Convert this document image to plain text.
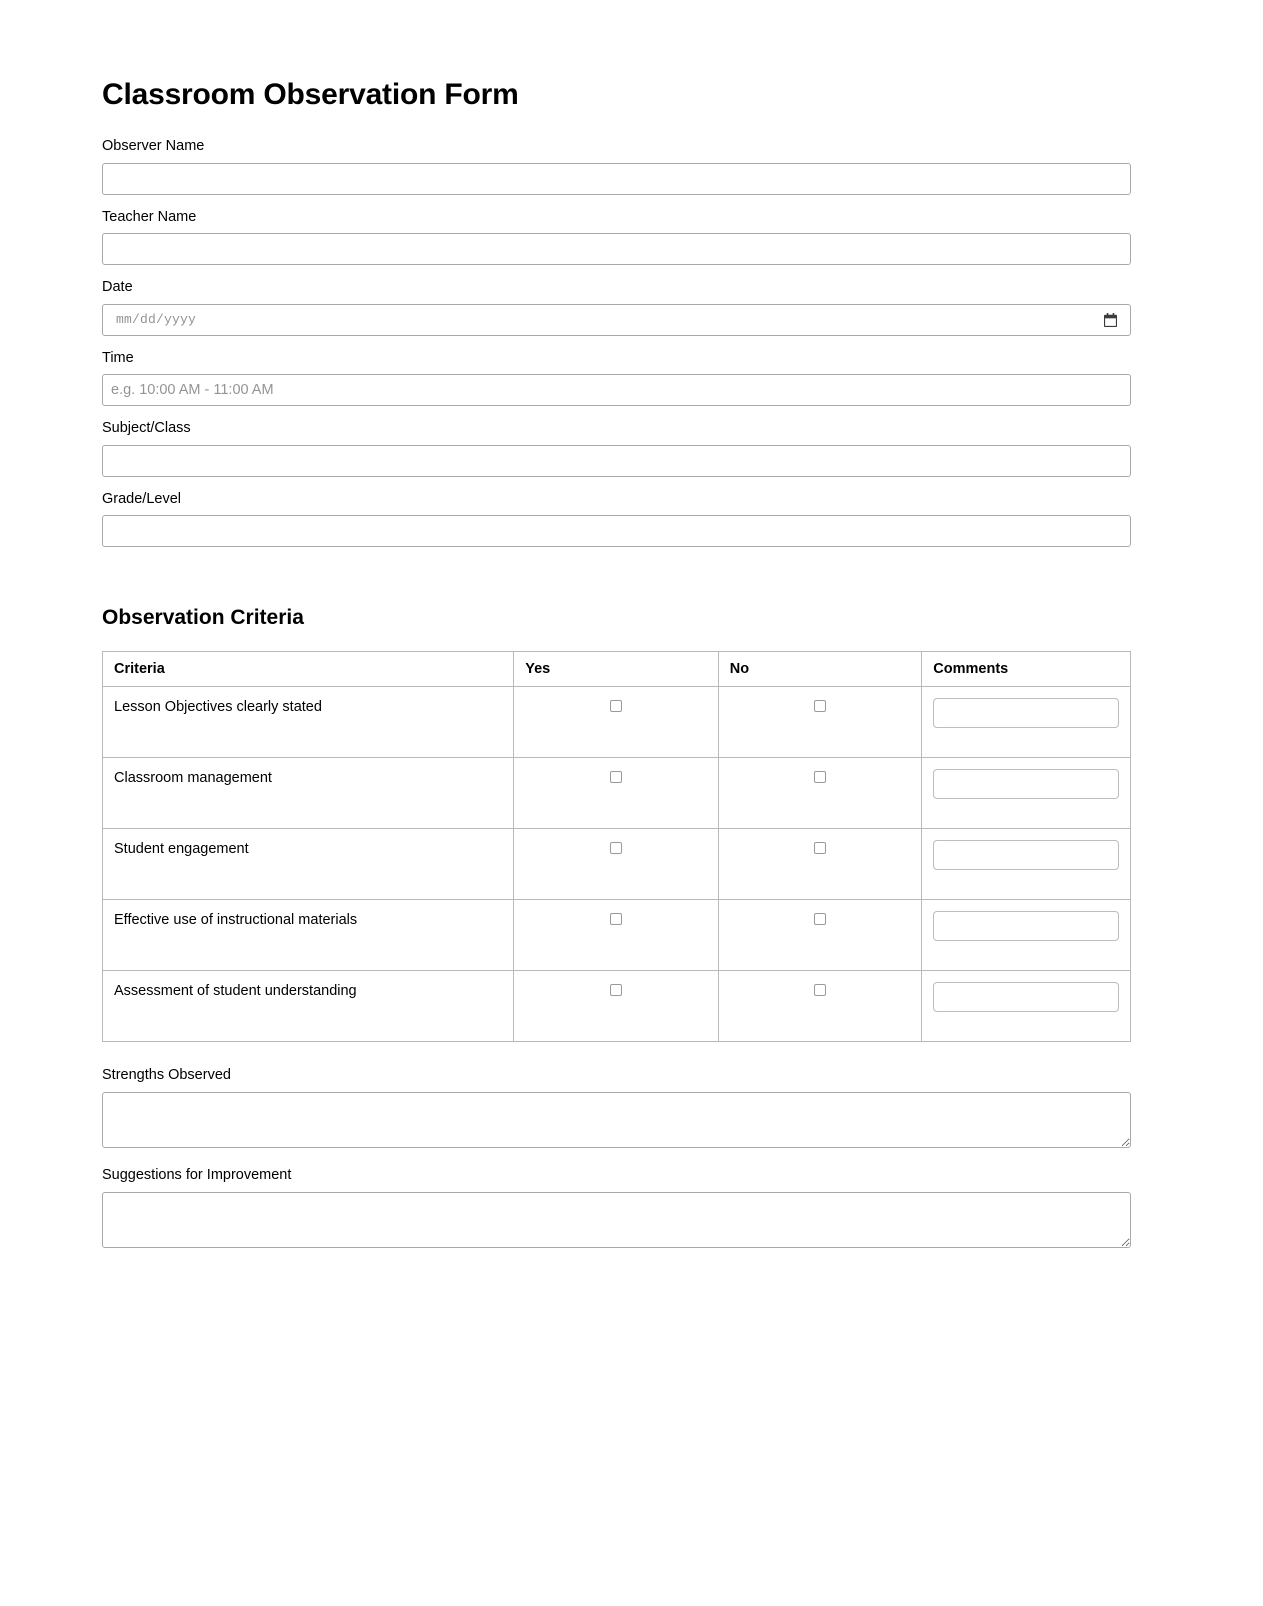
Classroom Observation Form
Observer Name
Teacher Name
Date
mm/dd/yyyy
Time
e.g. 10:00 AM - 11:00 AM
Subject/Class
Grade/Level
Observation Criteria
Criteria	Yes	No	Comments

Lesson Objectives clearly stated

Classroom management

Student engagement

Effective use of instructional materials

Assessment of student understanding

Strengths Observed
Suggestions for Improvement
